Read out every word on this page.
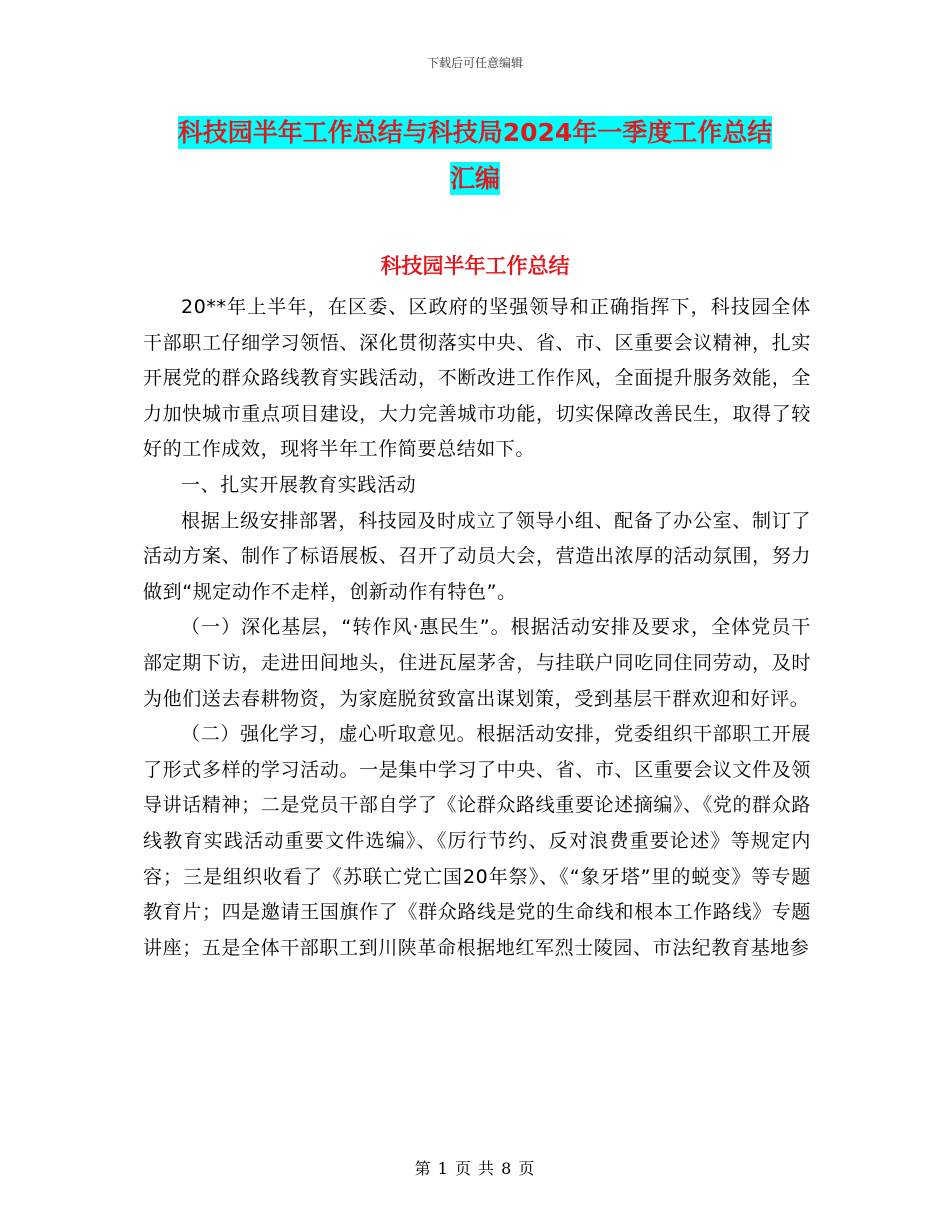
下载后可任意编辑
科技园半年工作总结与科技局2024年一季度工作总结
汇编
科技园半年工作总结

20**年上半年，在区委、区政府的坚强领导和正确指挥下，科技园全体干部职工仔细学习领悟、深化贯彻落实中央、省、市、区重要会议精神，扎实开展党的群众路线教育实践活动，不断改进工作作风，全面提升服务效能，全力加快城市重点项目建设，大力完善城市功能，切实保障改善民生，取得了较好的工作成效，现将半年工作简要总结如下。

一、扎实开展教育实践活动

根据上级安排部署，科技园及时成立了领导小组、配备了办公室、制订了活动方案、制作了标语展板、召开了动员大会，营造出浓厚的活动氛围，努力做到“规定动作不走样，创新动作有特色”。

（一）深化基层，“转作风·惠民生”。根据活动安排及要求，全体党员干部定期下访，走进田间地头，住进瓦屋茅舍，与挂联户同吃同住同劳动，及时为他们送去春耕物资，为家庭脱贫致富出谋划策，受到基层干群欢迎和好评。

（二）强化学习，虚心听取意见。根据活动安排，党委组织干部职工开展了形式多样的学习活动。一是集中学习了中央、省、市、区重要会议文件及领导讲话精神；二是党员干部自学了《论群众路线重要论述摘编》、《党的群众路线教育实践活动重要文件选编》、《厉行节约、反对浪费重要论述》等规定内容；三是组织收看了《苏联亡党亡国20年祭》、《“象牙塔”里的蜕变》等专题教育片；四是邀请王国旗作了《群众路线是党的生命线和根本工作路线》专题讲座；五是全体干部职工到川陕革命根据地红军烈士陵园、市法纪教育基地参

第 1 页 共 8 页
